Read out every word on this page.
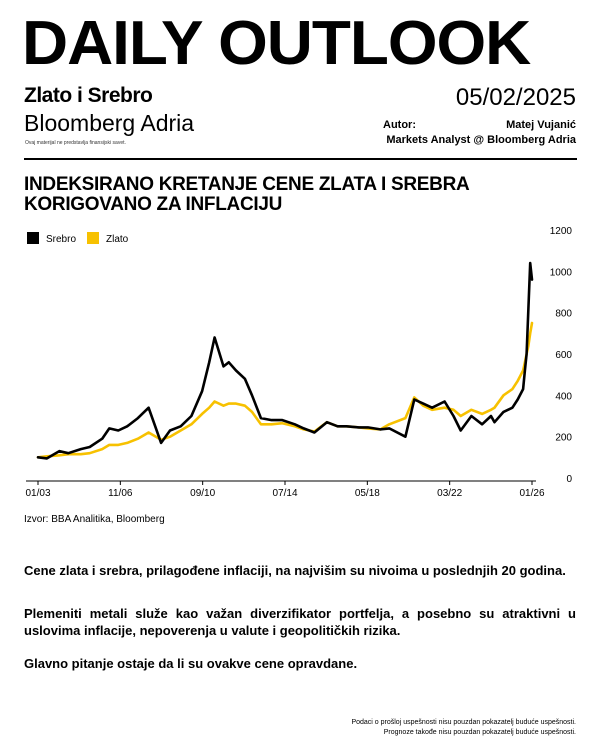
DAILY OUTLOOK
Zlato i Srebro	05/02/2025
Bloomberg Adria
Ovaj materijal ne predstavlja finansijski savet.
Autor:	Matej Vujanić
Markets Analyst @ Bloomberg Adria
INDEKSIRANO KRETANJE CENE ZLATA I SREBRA KORIGOVANO ZA INFLACIJU
Srebro	Zlato
01/03	11/06	09/10	07/14	05/18	03/22	01/26
0
200
400
600
800
1000
1200
Izvor: BBA Analitika, Bloomberg
Cene zlata i srebra, prilagođene inflaciji, na najvišim su nivoima u poslednjih 20 godina.
Plemeniti metali služe kao važan diverzifikator portfelja, a posebno su atraktivni u uslovima inflacije, nepoverenja u valute i geopolitičkih rizika.
Glavno pitanje ostaje da li su ovakve cene opravdane.
Podaci o prošloj uspešnosti nisu pouzdan pokazatelj buduće uspešnosti.
Prognoze takođe nisu pouzdan pokazatelj buduće uspešnosti.
